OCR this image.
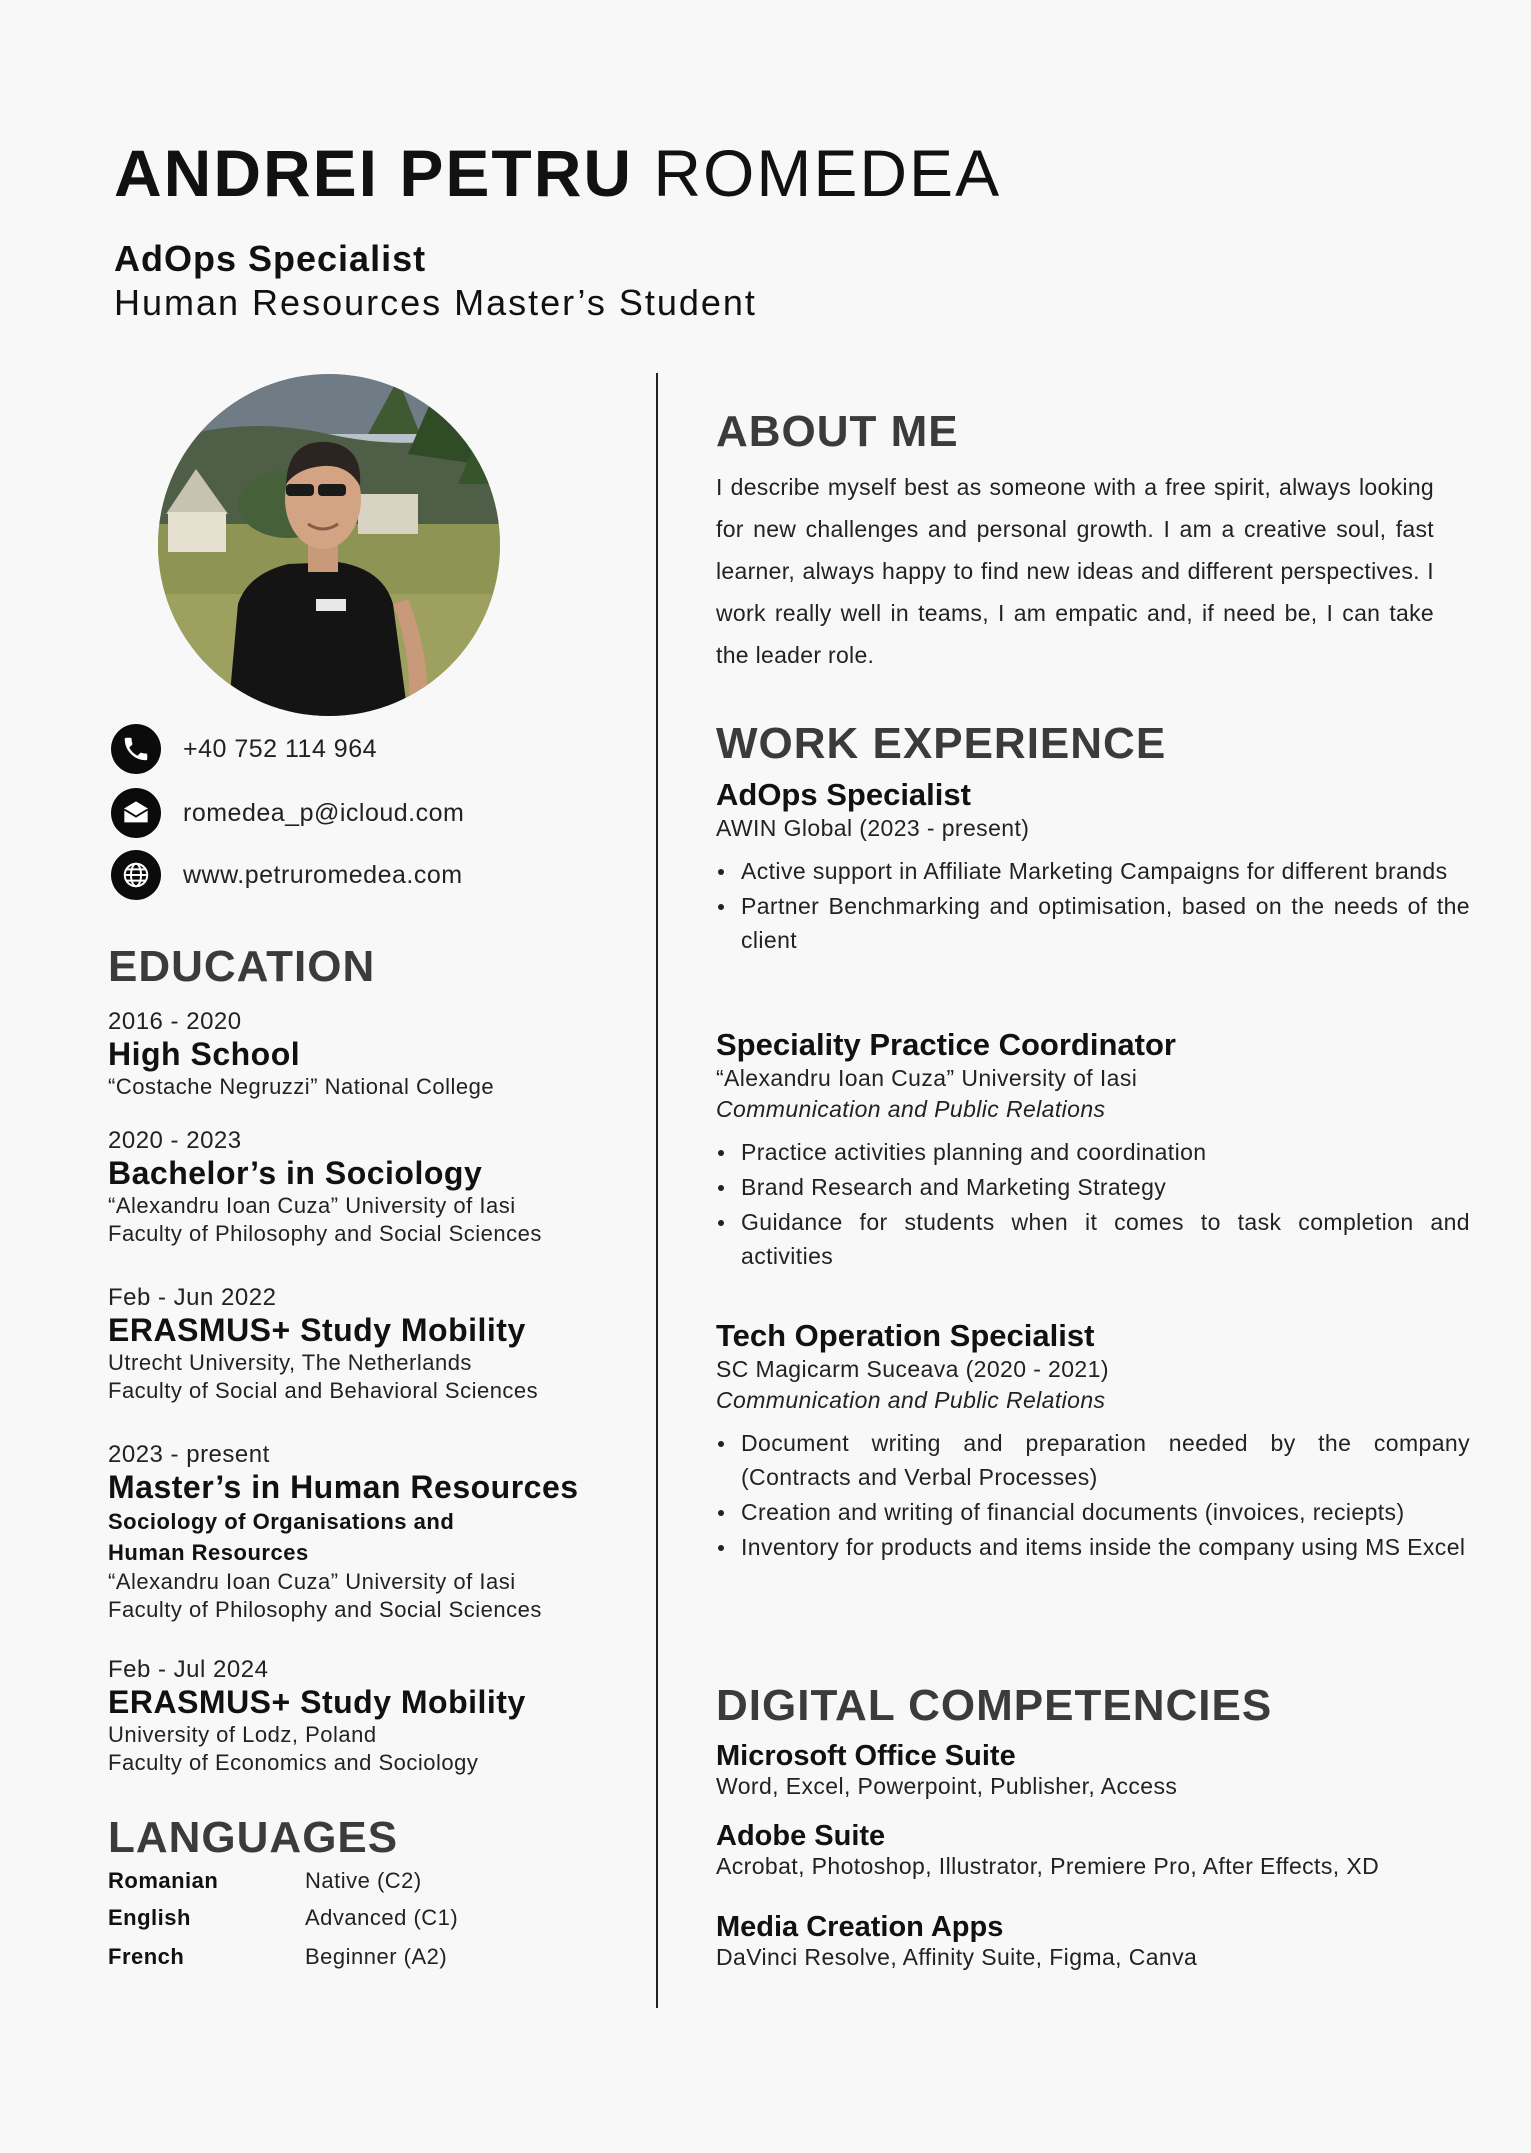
ANDREI PETRU ROMEDEA
AdOps Specialist
Human Resources Master’s Student
+40 752 114 964
romedea_p@icloud.com
www.petruromedea.com
EDUCATION
2016 - 2020
High School
“Costache Negruzzi” National College
2020 - 2023
Bachelor’s in Sociology
“Alexandru Ioan Cuza” University of Iasi
Faculty of Philosophy and Social Sciences
Feb - Jun 2022
ERASMUS+ Study Mobility
Utrecht University, The Netherlands
Faculty of Social and Behavioral Sciences
2023 - present
Master’s in Human Resources
Sociology of Organisations and
Human Resources
“Alexandru Ioan Cuza” University of Iasi
Faculty of Philosophy and Social Sciences
Feb - Jul 2024
ERASMUS+ Study Mobility
University of Lodz, Poland
Faculty of Economics and Sociology
LANGUAGES
Romanian	Native (C2)
English	Advanced (C1)
French	Beginner (A2)
ABOUT ME
I describe myself best as someone with a free spirit, always looking for new challenges and personal growth. I am a creative soul, fast learner, always happy to find new ideas and different perspectives. I work really well in teams, I am empatic and, if need be, I can take the leader role.
WORK EXPERIENCE
AdOps Specialist
AWIN Global (2023 - present)
Active support in Affiliate Marketing Campaigns for different brands
Partner Benchmarking and optimisation, based on the needs of the client
Speciality Practice Coordinator
“Alexandru Ioan Cuza” University of Iasi
Communication and Public Relations
Practice activities planning and coordination
Brand Research and Marketing Strategy
Guidance for students when it comes to task completion and activities
Tech Operation Specialist
SC Magicarm Suceava (2020 - 2021)
Communication and Public Relations
Document writing and preparation needed by the company (Contracts and Verbal Processes)
Creation and writing of financial documents (invoices, reciepts)
Inventory for products and items inside the company using MS Excel
DIGITAL COMPETENCIES
Microsoft Office Suite
Word, Excel, Powerpoint, Publisher, Access
Adobe Suite
Acrobat, Photoshop, Illustrator, Premiere Pro, After Effects, XD
Media Creation Apps
DaVinci Resolve, Affinity Suite, Figma, Canva
